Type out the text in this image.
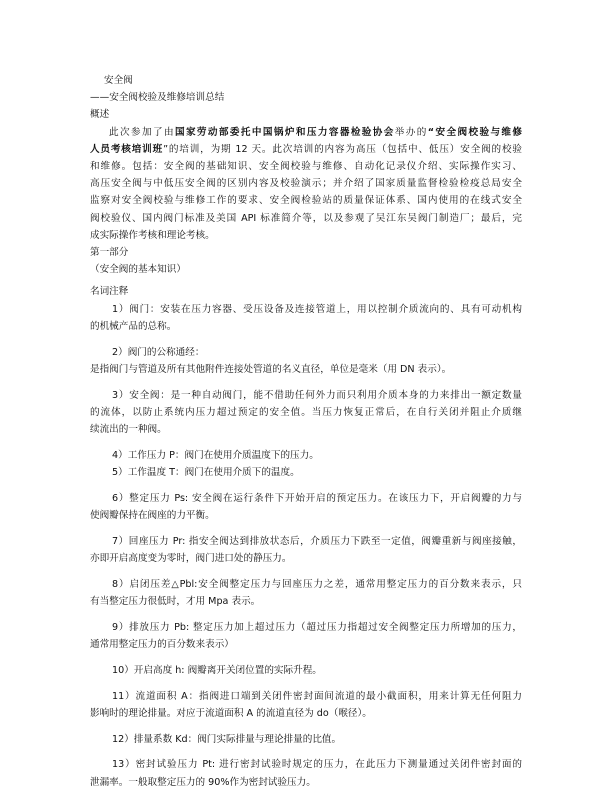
安全阀
——安全阀校验及维修培训总结
概述
此次参加了由国家劳动部委托中国锅炉和压力容器检验协会举办的“安全阀校验与维修
人员考核培训班”的培训，为期 12 天。此次培训的内容为高压（包括中、低压）安全阀的校验
和维修。包括：安全阀的基础知识、安全阀校验与维修、自动化记录仪介绍、实际操作实习、
高压安全阀与中低压安全阀的区别内容及校验演示；并介绍了国家质量监督检验检疫总局安全
监察对安全阀校验与维修工作的要求、安全阀检验站的质量保证体系、国内使用的在线式安全
阀校验仪、国内阀门标准及美国 API 标准简介等，以及参观了吴江东吴阀门制造厂；最后，完
成实际操作考核和理论考核。
第一部分
（安全阀的基本知识）
名词注释
1）阀门：安装在压力容器、受压设备及连接管道上，用以控制介质流向的、具有可动机构
的机械产品的总称。
2）阀门的公称通经：
是指阀门与管道及所有其他附件连接处管道的名义直径，单位是毫米（用 DN 表示）。
3）安全阀：是一种自动阀门，能不借助任何外力而只利用介质本身的力来排出一额定数量
的流体，以防止系统内压力超过预定的安全值。当压力恢复正常后，在自行关闭并阻止介质继
续流出的一种阀。
4）工作压力 P：阀门在使用介质温度下的压力。
5）工作温度 T：阀门在使用介质下的温度。
6）整定压力 Ps: 安全阀在运行条件下开始开启的预定压力。在该压力下，开启阀瓣的力与
使阀瓣保持在阀座的力平衡。
7）回座压力 Pr: 指安全阀达到排放状态后，介质压力下跌至一定值，阀瓣重新与阀座接触，
亦即开启高度变为零时，阀门进口处的静压力。
8）启闭压差△Pbl:安全阀整定压力与回座压力之差，通常用整定压力的百分数来表示，只
有当整定压力很低时，才用 Mpa 表示。
9）排放压力 Pb: 整定压力加上超过压力（超过压力指超过安全阀整定压力所增加的压力，
通常用整定压力的百分数来表示）
10）开启高度 h: 阀瓣离开关闭位置的实际升程。
11）流道面积 A：指阀进口端到关闭件密封面间流道的最小截面积，用来计算无任何阻力
影响时的理论排量。对应于流道面积 A 的流道直径为 do（喉径）。
12）排量系数 Kd：阀门实际排量与理论排量的比值。
13）密封试验压力 Pt: 进行密封试验时规定的压力，在此压力下测量通过关闭件密封面的
泄漏率。一般取整定压力的 90%作为密封试验压力。
